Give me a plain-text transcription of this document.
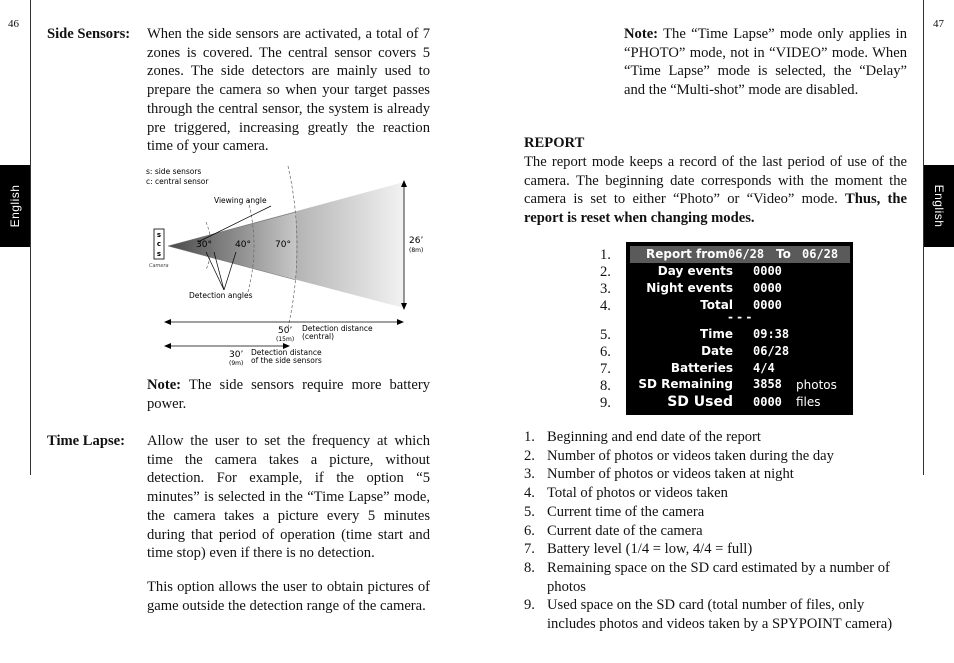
46	47
English	English
Side Sensors: When the side sensors are activated, a total of 7 zones is covered. The central sensor covers 5 zones. The side detectors are mainly used to prepare the camera so when your target passes through the central sensor, the system is already pre triggered, increasing greatly the reaction time of your camera.
s
c
s
Camera
s: side sensors
c: central sensor
Viewing angle
30°	40°	70°
Detection angles
26’
(8m)
50’
(15m)
Detection distance
(central)
30’
(9m)
Detection distance
of the side sensors
Note: The side sensors require more battery power.
Time Lapse: Allow the user to set the frequency at which time the camera takes a picture, without detection. For example, if the option “5 minutes” is selected in the “Time Lapse” mode, the camera takes a picture every 5 minutes during that period of operation (time start and time stop) even if there is no detection.
This option allows the user to obtain pictures of game outside the detection range of the camera.
Note: The “Time Lapse” mode only applies in “PHOTO” mode, not in “VIDEO” mode. When “Time Lapse” mode is selected, the “Delay” and the “Multi-shot” mode are disabled.
REPORT
The report mode keeps a record of the last period of use of the camera. The beginning date corresponds with the moment the camera is set to either “Photo” or “Video” mode. Thus, the report is reset when changing modes.
1.
2.
3.
4.
5.
6.
7.
8.
9.
Report from 06/28 To 06/28
Day events 0000
Night events 0000
Total 0000
- - -
Time 09:38
Date 06/28
Batteries 4/4
SD Remaining 3858 photos
SD Used 0000 files
1. Beginning and end date of the report
2. Number of photos or videos taken during the day
3. Number of photos or videos taken at night
4. Total of photos or videos taken
5. Current time of the camera
6. Current date of the camera
7. Battery level (1/4 = low, 4/4 = full)
8. Remaining space on the SD card estimated by a number of photos
9. Used space on the SD card (total number of files, only includes photos and videos taken by a SPYPOINT camera)
